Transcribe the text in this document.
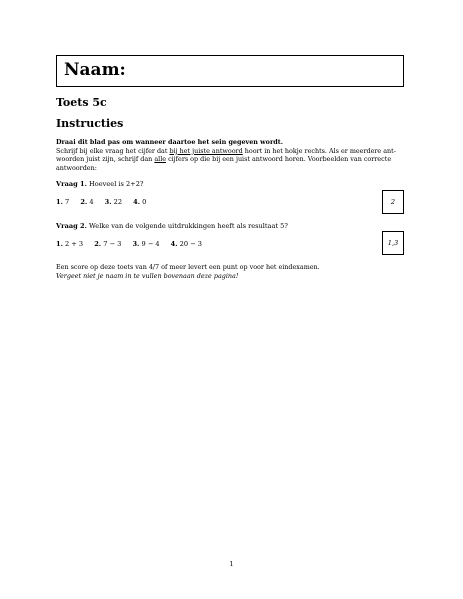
Naam:
Toets 5c
Instructies
Draai dit blad pas om wanneer daartoe het sein gegeven wordt.
Schrijf bij elke vraag het cijfer dat bij het juiste antwoord hoort in het hokje rechts. Als er meerdere ant-
woorden juist zijn, schrijf dan alle cijfers op die bij een juist antwoord horen. Voorbeelden van correcte
antwoorden:
Vraag 1. Hoeveel is 2+2?
1. 7 2. 4 3. 22 4. 0	2
Vraag 2. Welke van de volgende uitdrukkingen heeft als resultaat 5?
1. 2 + 3 2. 7 − 3 3. 9 − 4 4. 20 − 3	1,3
Een score op deze toets van 4/7 of meer levert een punt op voor het eindexamen.
Vergeet niet je naam in te vullen bovenaan deze pagina!
1
